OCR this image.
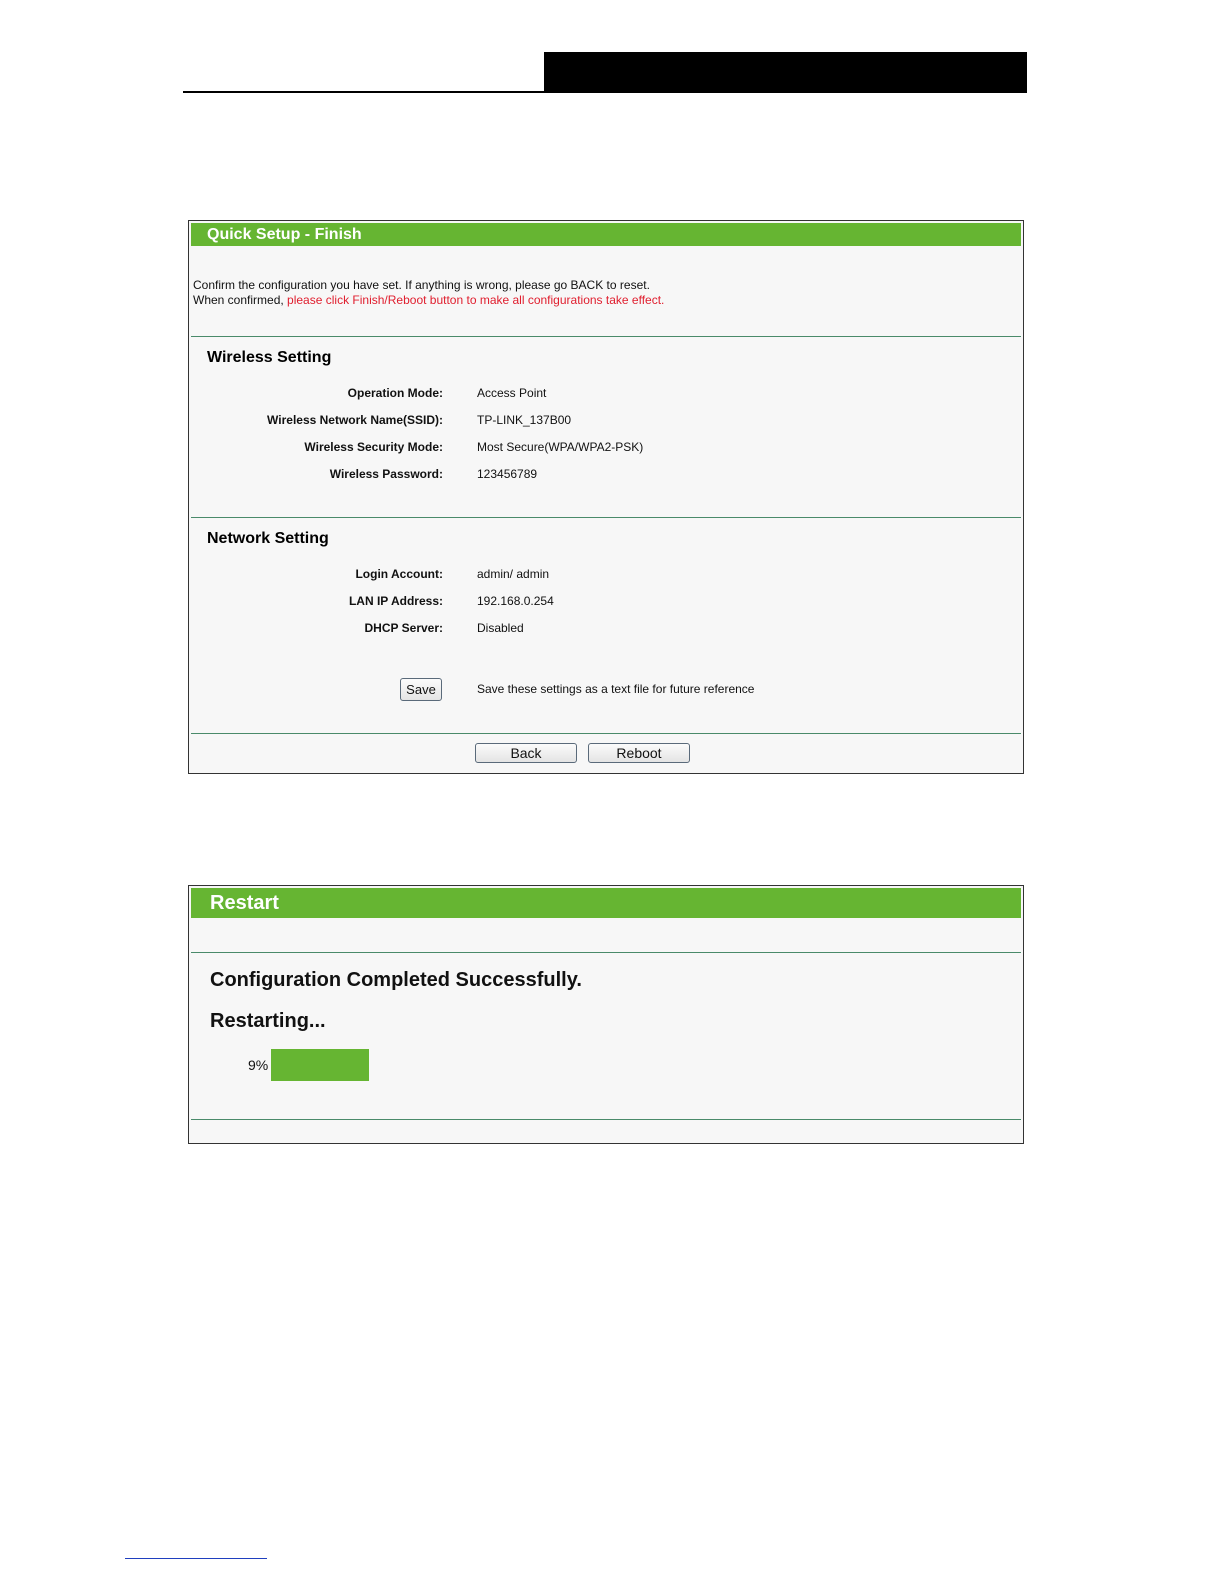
Quick Setup - Finish
Confirm the configuration you have set. If anything is wrong, please go BACK to reset.
When confirmed, please click Finish/Reboot button to make all configurations take effect.
Wireless Setting
Operation Mode:	Access Point
Wireless Network Name(SSID):	TP-LINK_137B00
Wireless Security Mode:	Most Secure(WPA/WPA2-PSK)
Wireless Password:	123456789
Network Setting
Login Account:	admin/ admin
LAN IP Address:	192.168.0.254
DHCP Server:	Disabled
Save	Save these settings as a text file for future reference
Back	Reboot
Restart
Configuration Completed Successfully.
Restarting...
9%
